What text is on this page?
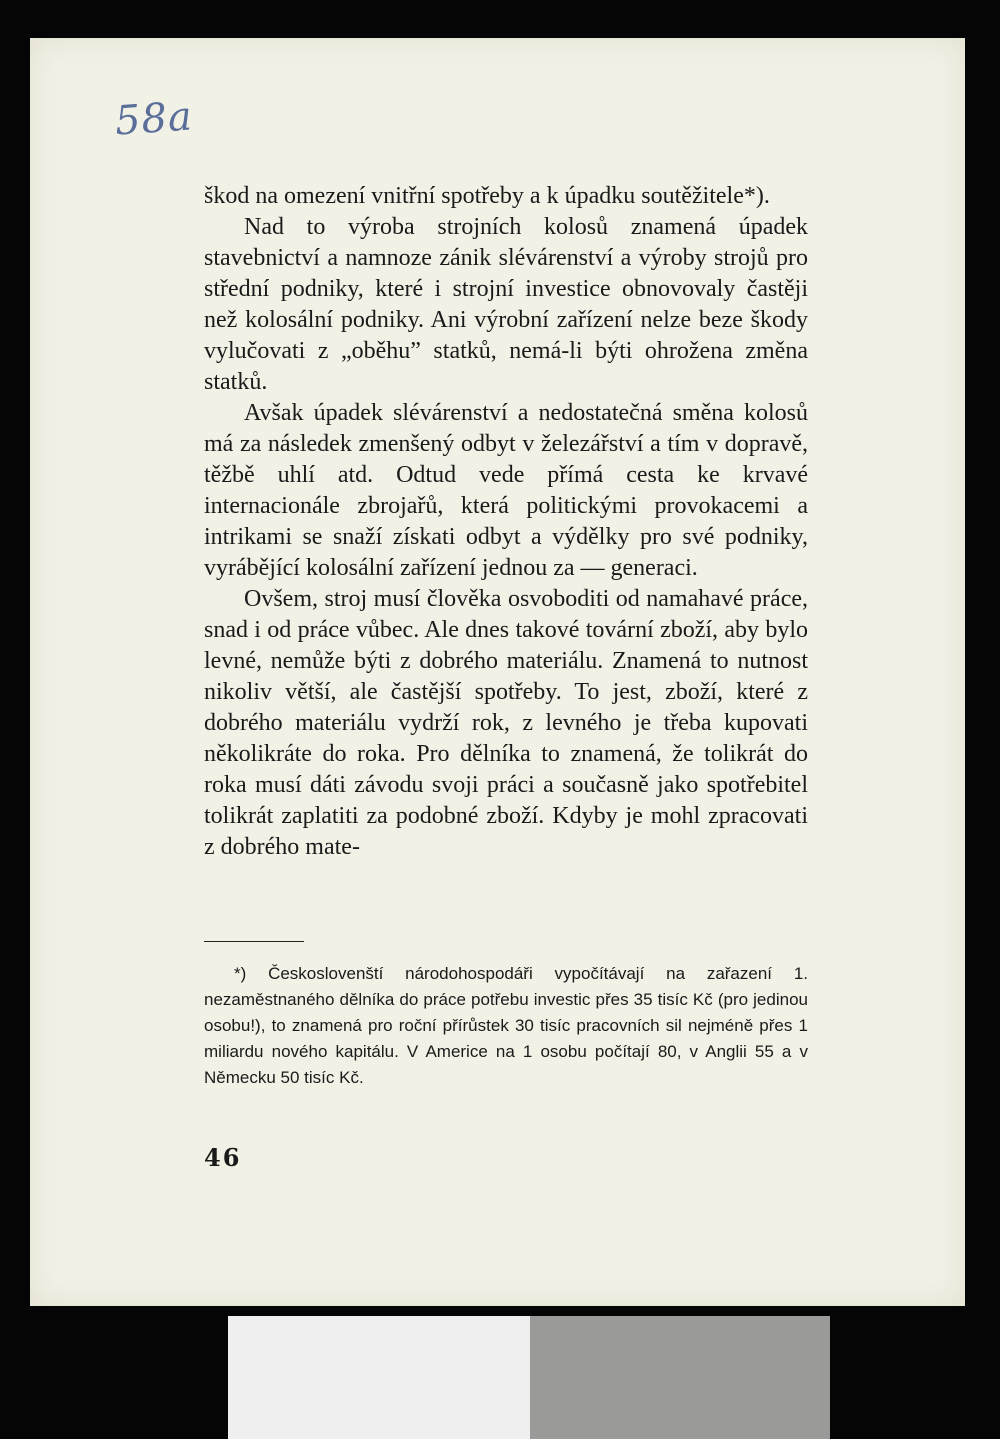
58a

škod na omezení vnitřní spotřeby a k úpadku soutěžitele*).

Nad to výroba strojních kolosů znamená úpadek stavebnictví a namnoze zánik slévárenství a výroby strojů pro střední podniky, které i strojní investice obnovovaly častěji než kolosální podniky. Ani výrobní zařízení nelze beze škody vylučovati z „oběhu” statků, nemá-li býti ohrožena změna statků.

Avšak úpadek slévárenství a nedostatečná směna kolosů má za následek zmenšený odbyt v železářství a tím v dopravě, těžbě uhlí atd. Odtud vede přímá cesta ke krvavé internacionále zbrojařů, která politickými provokacemi a intrikami se snaží získati odbyt a výdělky pro své podniky, vyrábějící kolosální zařízení jednou za — generaci.

Ovšem, stroj musí člověka osvoboditi od namahavé práce, snad i od práce vůbec. Ale dnes takové tovární zboží, aby bylo levné, nemůže býti z dobrého materiálu. Znamená to nutnost nikoliv větší, ale častější spotřeby. To jest, zboží, které z dobrého materiálu vydrží rok, z levného je třeba kupovati několikráte do roka. Pro dělníka to znamená, že tolikrát do roka musí dáti závodu svoji práci a současně jako spotřebitel tolikrát zaplatiti za podobné zboží. Kdyby je mohl zpracovati z dobrého mate-

*) Českoslovenští národohospodáři vypočítávají na zařazení 1. nezaměstnaného dělníka do práce potřebu investic přes 35 tisíc Kč (pro jedinou osobu!), to znamená pro roční přírůstek 30 tisíc pracovních sil nejméně přes 1 miliardu nového kapitálu. V Americe na 1 osobu počítají 80, v Anglii 55 a v Německu 50 tisíc Kč.

46
